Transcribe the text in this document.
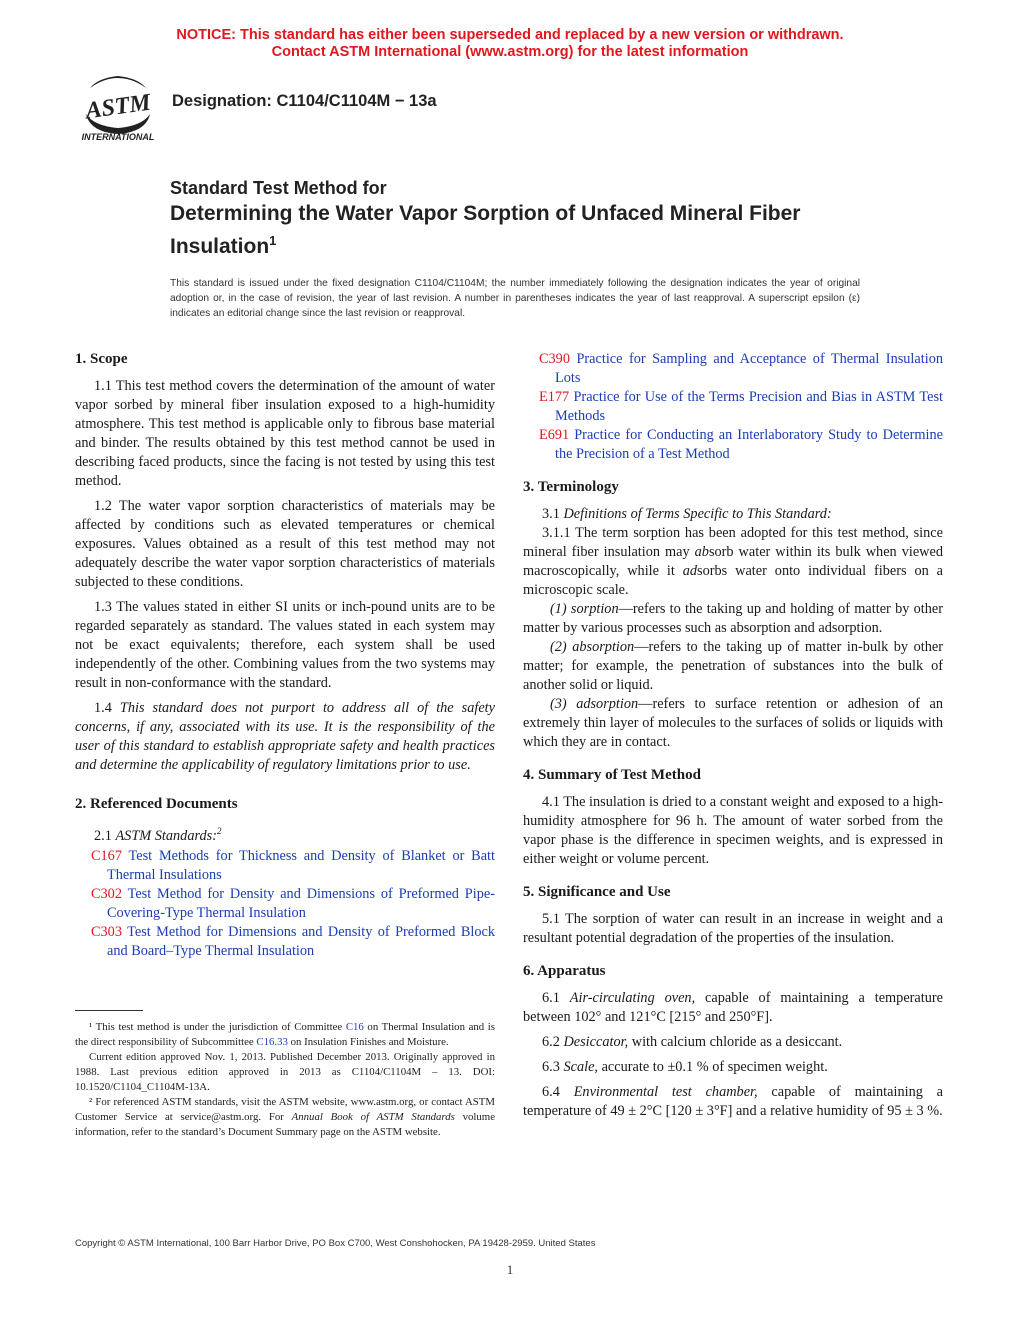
NOTICE: This standard has either been superseded and replaced by a new version or withdrawn.
Contact ASTM International (www.astm.org) for the latest information
ASTM
INTERNATIONAL
Designation: C1104/C1104M − 13a
Standard Test Method for
Determining the Water Vapor Sorption of Unfaced Mineral Fiber Insulation$^1$
This standard is issued under the fixed designation C1104/C1104M; the number immediately following the designation indicates the year of original adoption or, in the case of revision, the year of last revision. A number in parentheses indicates the year of last reapproval. A superscript epsilon (ε) indicates an editorial change since the last revision or reapproval.
1. Scope

1.1 This test method covers the determination of the amount of water vapor sorbed by mineral fiber insulation exposed to a high-humidity atmosphere. This test method is applicable only to fibrous base material and binder. The results obtained by this test method cannot be used in describing faced products, since the facing is not tested by using this test method.

1.2 The water vapor sorption characteristics of materials may be affected by conditions such as elevated temperatures or chemical exposures. Values obtained as a result of this test method may not adequately describe the water vapor sorption characteristics of materials subjected to these conditions.

1.3 The values stated in either SI units or inch-pound units are to be regarded separately as standard. The values stated in each system may not be exact equivalents; therefore, each system shall be used independently of the other. Combining values from the two systems may result in non-conformance with the standard.

1.4 This standard does not purport to address all of the safety concerns, if any, associated with its use. It is the responsibility of the user of this standard to establish appropriate safety and health practices and determine the applicability of regulatory limitations prior to use.

2. Referenced Documents

2.1 ASTM Standards:$^2$

C167 Test Methods for Thickness and Density of Blanket or Batt Thermal Insulations

C302 Test Method for Density and Dimensions of Preformed Pipe-Covering-Type Thermal Insulation

C303 Test Method for Dimensions and Density of Preformed Block and Board–Type Thermal Insulation

¹ This test method is under the jurisdiction of Committee C16 on Thermal Insulation and is the direct responsibility of Subcommittee C16.33 on Insulation Finishes and Moisture.

Current edition approved Nov. 1, 2013. Published December 2013. Originally approved in 1988. Last previous edition approved in 2013 as C1104/C1104M – 13. DOI: 10.1520/C1104_C1104M-13A.

² For referenced ASTM standards, visit the ASTM website, www.astm.org, or contact ASTM Customer Service at service@astm.org. For Annual Book of ASTM Standards volume information, refer to the standard’s Document Summary page on the ASTM website.

C390 Practice for Sampling and Acceptance of Thermal Insulation Lots

E177 Practice for Use of the Terms Precision and Bias in ASTM Test Methods

E691 Practice for Conducting an Interlaboratory Study to Determine the Precision of a Test Method

3. Terminology

3.1 Definitions of Terms Specific to This Standard:

3.1.1 The term sorption has been adopted for this test method, since mineral fiber insulation may absorb water within its bulk when viewed macroscopically, while it adsorbs water onto individual fibers on a microscopic scale.

(1) sorption—refers to the taking up and holding of matter by other matter by various processes such as absorption and adsorption.

(2) absorption—refers to the taking up of matter in-bulk by other matter; for example, the penetration of substances into the bulk of another solid or liquid.

(3) adsorption—refers to surface retention or adhesion of an extremely thin layer of molecules to the surfaces of solids or liquids with which they are in contact.

4. Summary of Test Method

4.1 The insulation is dried to a constant weight and exposed to a high-humidity atmosphere for 96 h. The amount of water sorbed from the vapor phase is the difference in specimen weights, and is expressed in either weight or volume percent.

5. Significance and Use

5.1 The sorption of water can result in an increase in weight and a resultant potential degradation of the properties of the insulation.

6. Apparatus

6.1 Air-circulating oven, capable of maintaining a temperature between 102° and 121°C [215° and 250°F].

6.2 Desiccator, with calcium chloride as a desiccant.

6.3 Scale, accurate to ±0.1 % of specimen weight.

6.4 Environmental test chamber, capable of maintaining a temperature of 49 ± 2°C [120 ± 3°F] and a relative humidity of 95 ± 3 %.

Copyright © ASTM International, 100 Barr Harbor Drive, PO Box C700, West Conshohocken, PA 19428-2959. United States
1
